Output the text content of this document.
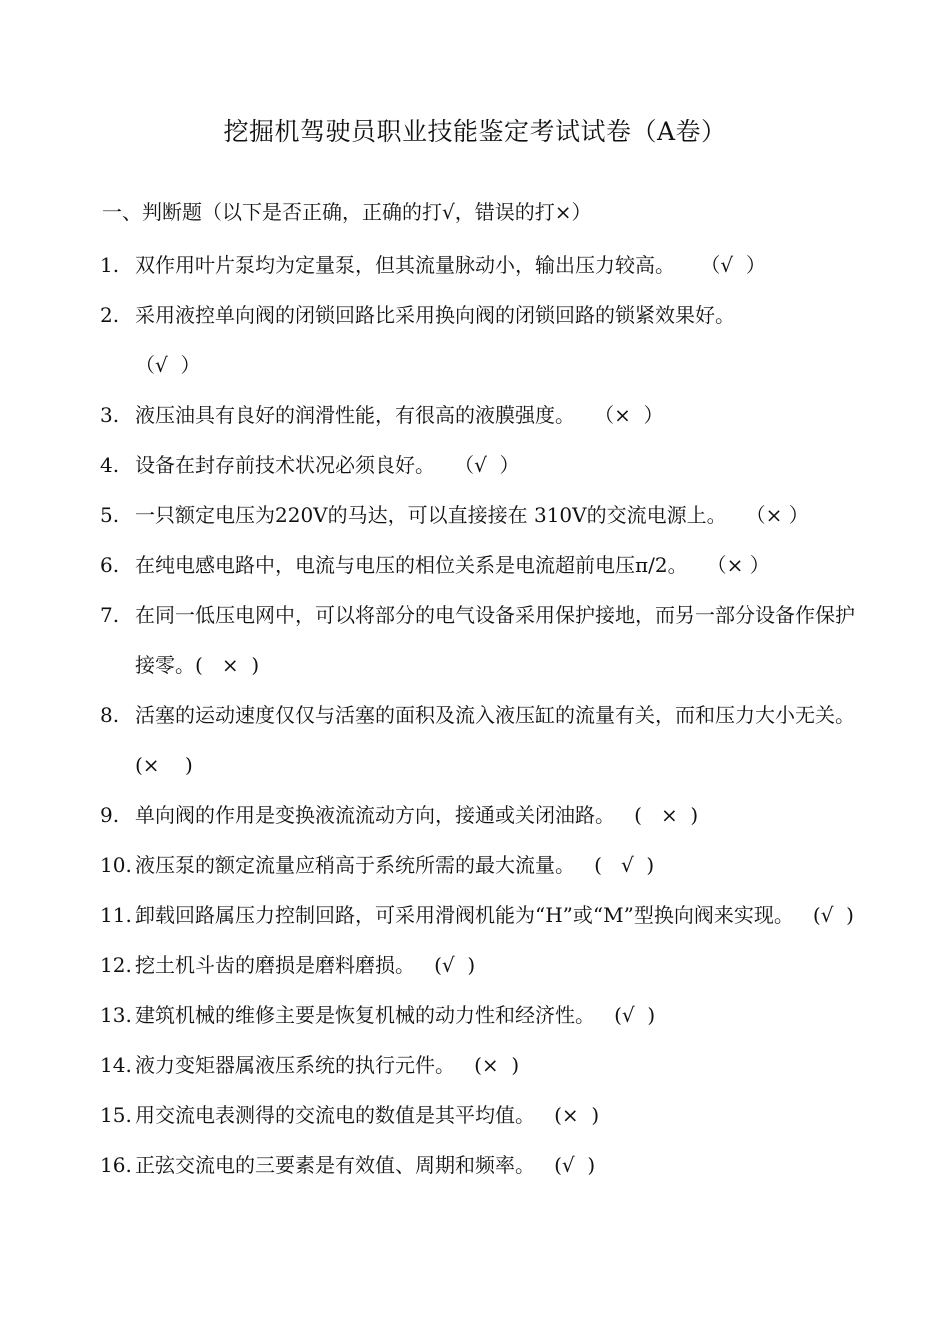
挖掘机驾驶员职业技能鉴定考试试卷（A卷）
一、判断题（以下是否正确，正确的打√，错误的打×）
1. 双作用叶片泵均为定量泵，但其流量脉动小，输出压力较高。    （√  ）
2. 采用液控单向阀的闭锁回路比采用换向阀的闭锁回路的锁紧效果好。
（√  ）
3. 液压油具有良好的润滑性能，有很高的液膜强度。   （×  ）
4. 设备在封存前技术状况必须良好。   （√  ）
5. 一只额定电压为220V的马达，可以直接接在 310V的交流电源上。   （× ）
6. 在纯电感电路中，电流与电压的相位关系是电流超前电压π/2。   （× ）
7. 在同一低压电网中，可以将部分的电气设备采用保护接地，而另一部分设备作保护接零。(   ×  )
8. 活塞的运动速度仅仅与活塞的面积及流入液压缸的流量有关，而和压力大小无关。(×    )
9. 单向阀的作用是变换液流流动方向，接通或关闭油路。   (   ×  )
10. 液压泵的额定流量应稍高于系统所需的最大流量。   (   √  )
11. 卸载回路属压力控制回路，可采用滑阀机能为“H”或“M”型换向阀来实现。   (√  )
12. 挖土机斗齿的磨损是磨料磨损。   (√  )
13. 建筑机械的维修主要是恢复机械的动力性和经济性。   (√  )
14. 液力变矩器属液压系统的执行元件。   (×  )
15. 用交流电表测得的交流电的数值是其平均值。   (×  )
16. 正弦交流电的三要素是有效值、周期和频率。   (√  )
